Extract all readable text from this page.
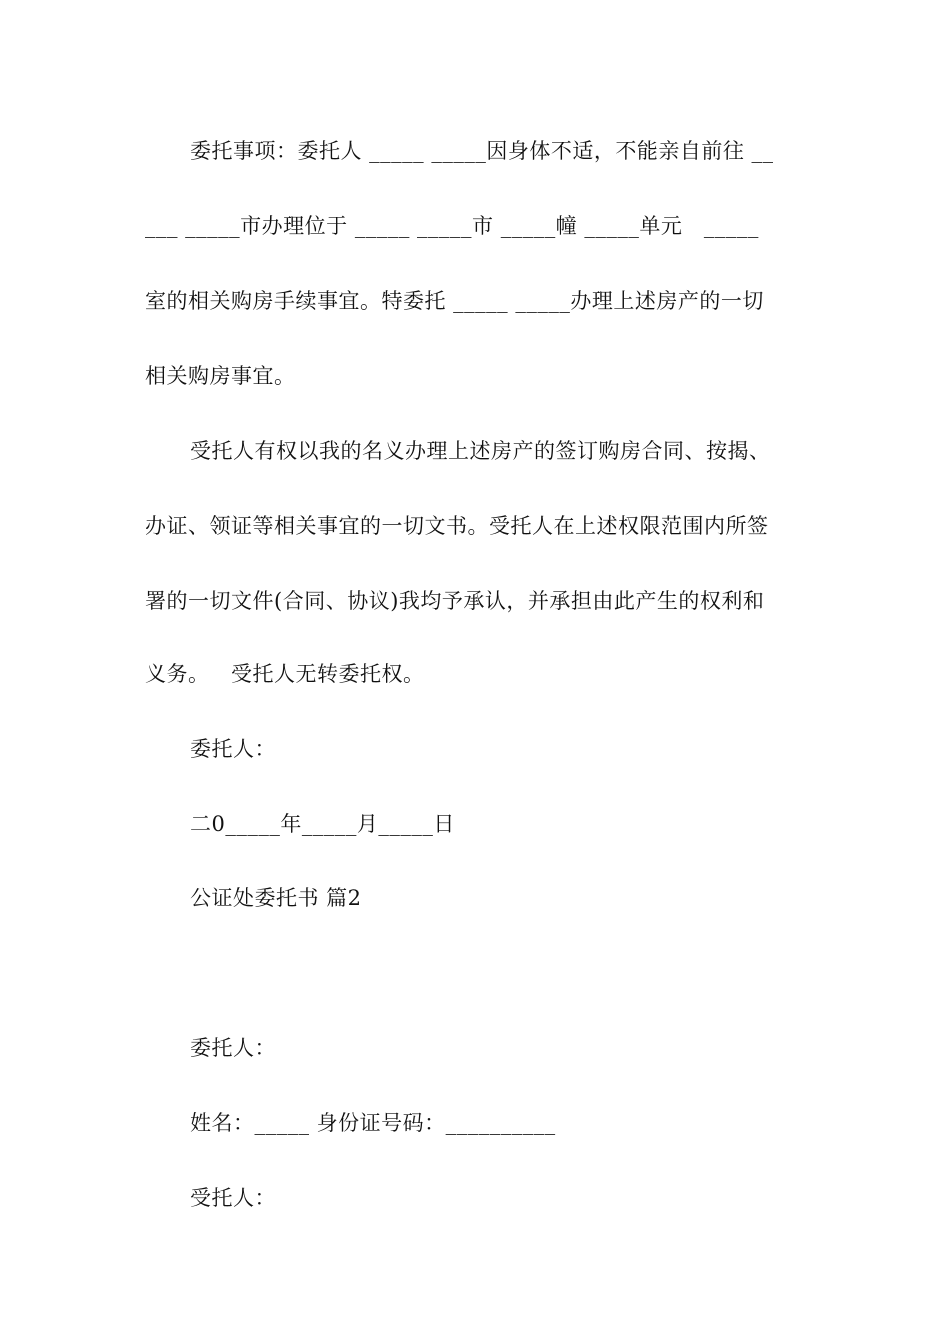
委托事项：委托人 _____ _____因身体不适，不能亲自前往 __
___ _____市办理位于 _____ _____市 _____幢 _____单元   _____
室的相关购房手续事宜。特委托 _____ _____办理上述房产的一切
相关购房事宜。
受托人有权以我的名义办理上述房产的签订购房合同、按揭、
办证、领证等相关事宜的一切文书。受托人在上述权限范围内所签
署的一切文件(合同、协议)我均予承认，并承担由此产生的权利和
义务。   受托人无转委托权。
委托人：
二0_____年_____月_____日
公证处委托书 篇2
委托人：
姓名：_____ 身份证号码：__________
受托人：
